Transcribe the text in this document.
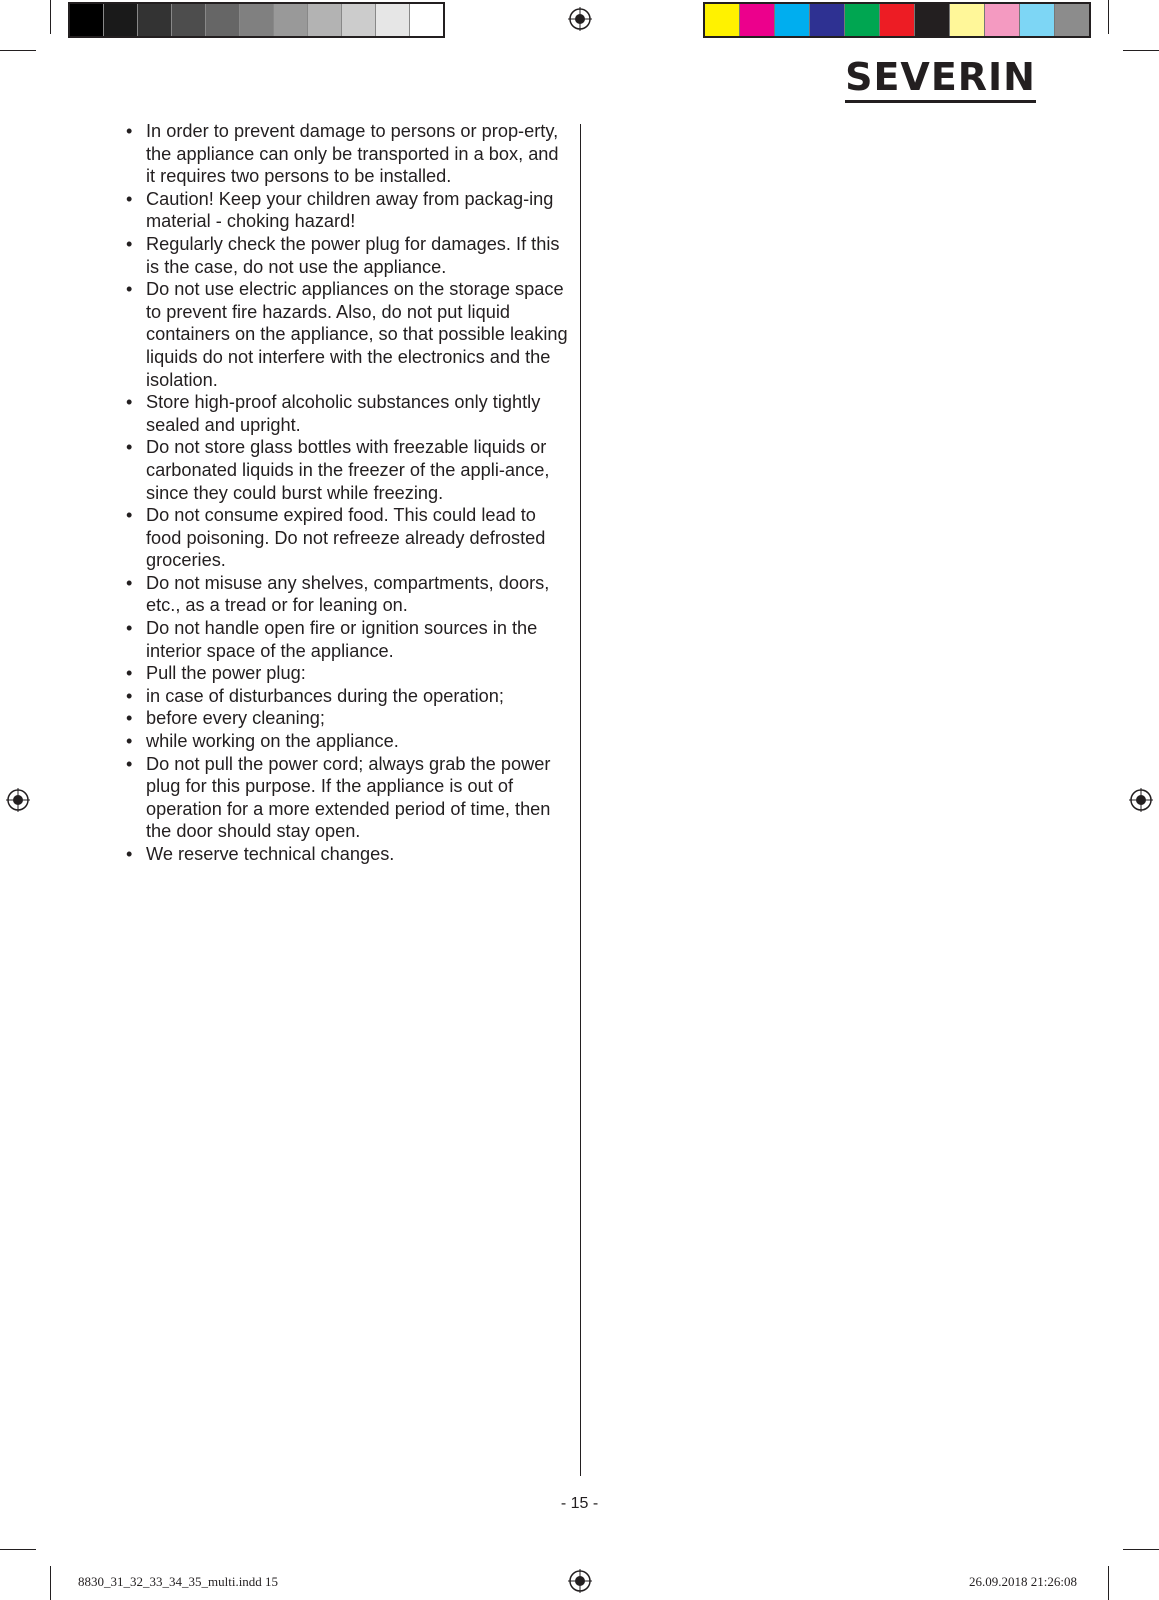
SEVERIN
• In order to prevent damage to persons or prop-erty, the appliance can only be transported in a box, and it requires two persons to be installed.
• Caution! Keep your children away from packag-ing material - choking hazard!
• Regularly check the power plug for damages. If this is the case, do not use the appliance.
• Do not use electric appliances on the storage space to prevent fire hazards. Also, do not put liquid containers on the appliance, so that possible leaking liquids do not interfere with the electronics and the isolation.
• Store high-proof alcoholic substances only tightly sealed and upright.
• Do not store glass bottles with freezable liquids or carbonated liquids in the freezer of the appli-ance, since they could burst while freezing.
• Do not consume expired food. This could lead to food poisoning. Do not refreeze already defrosted groceries.
• Do not misuse any shelves, compartments, doors, etc., as a tread or for leaning on.
• Do not handle open fire or ignition sources in the interior space of the appliance.
• Pull the power plug:
• in case of disturbances during the operation;
• before every cleaning;
• while working on the appliance.
• Do not pull the power cord; always grab the power plug for this purpose. If the appliance is out of operation for a more extended period of time, then the door should stay open.
• We reserve technical changes.
- 15 -
8830_31_32_33_34_35_multi.indd 15	26.09.2018 21:26:08
